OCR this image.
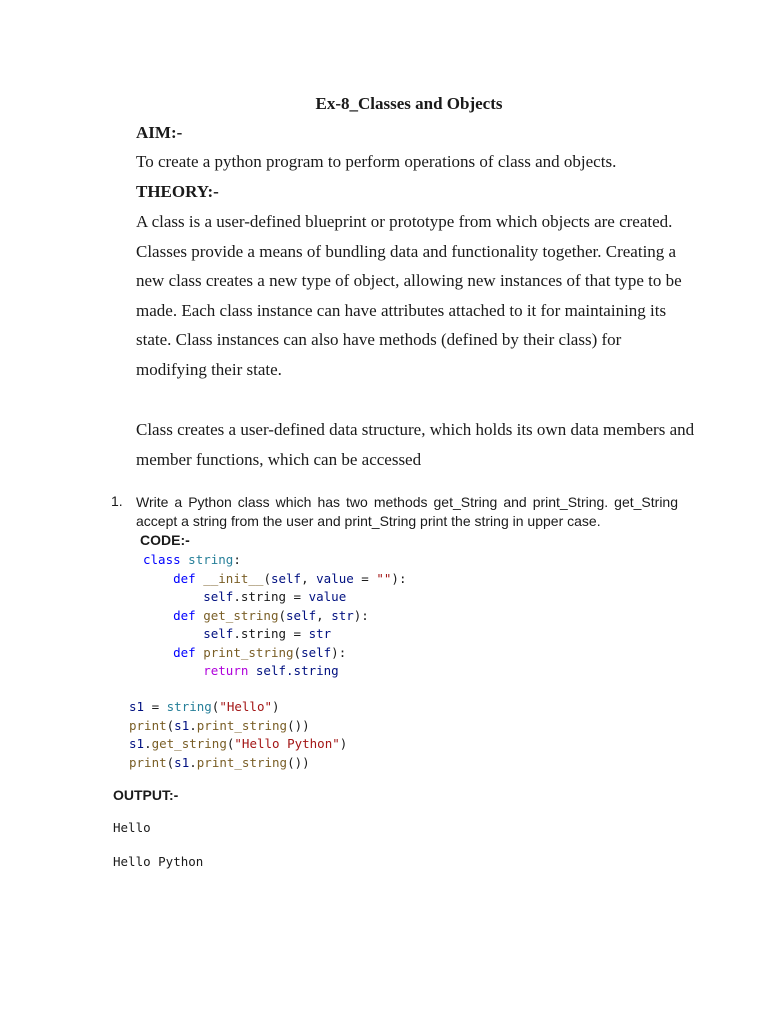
Ex-8_Classes and Objects
AIM:-
To create a python program to perform operations of class and objects.
THEORY:-

A class is a user-defined blueprint or prototype from which objects are created. Classes provide a means of bundling data and functionality together. Creating a new class creates a new type of object, allowing new instances of that type to be made. Each class instance can have attributes attached to it for maintaining its state. Class instances can also have methods (defined by their class) for modifying their state.

Class creates a user-defined data structure, which holds its own data members and member functions, which can be accessed

1. Write a Python class which has two methods get_String and print_String. get_String accept a string from the user and print_String print the string in upper case.

CODE:-
class string:
def __init__(self, value = ""):
self.string = value
def get_string(self, str):
self.string = str
def print_string(self):
return self.string
s1 = string("Hello")
print(s1.print_string())
s1.get_string("Hello Python")
print(s1.print_string())
OUTPUT:-
Hello
Hello Python
